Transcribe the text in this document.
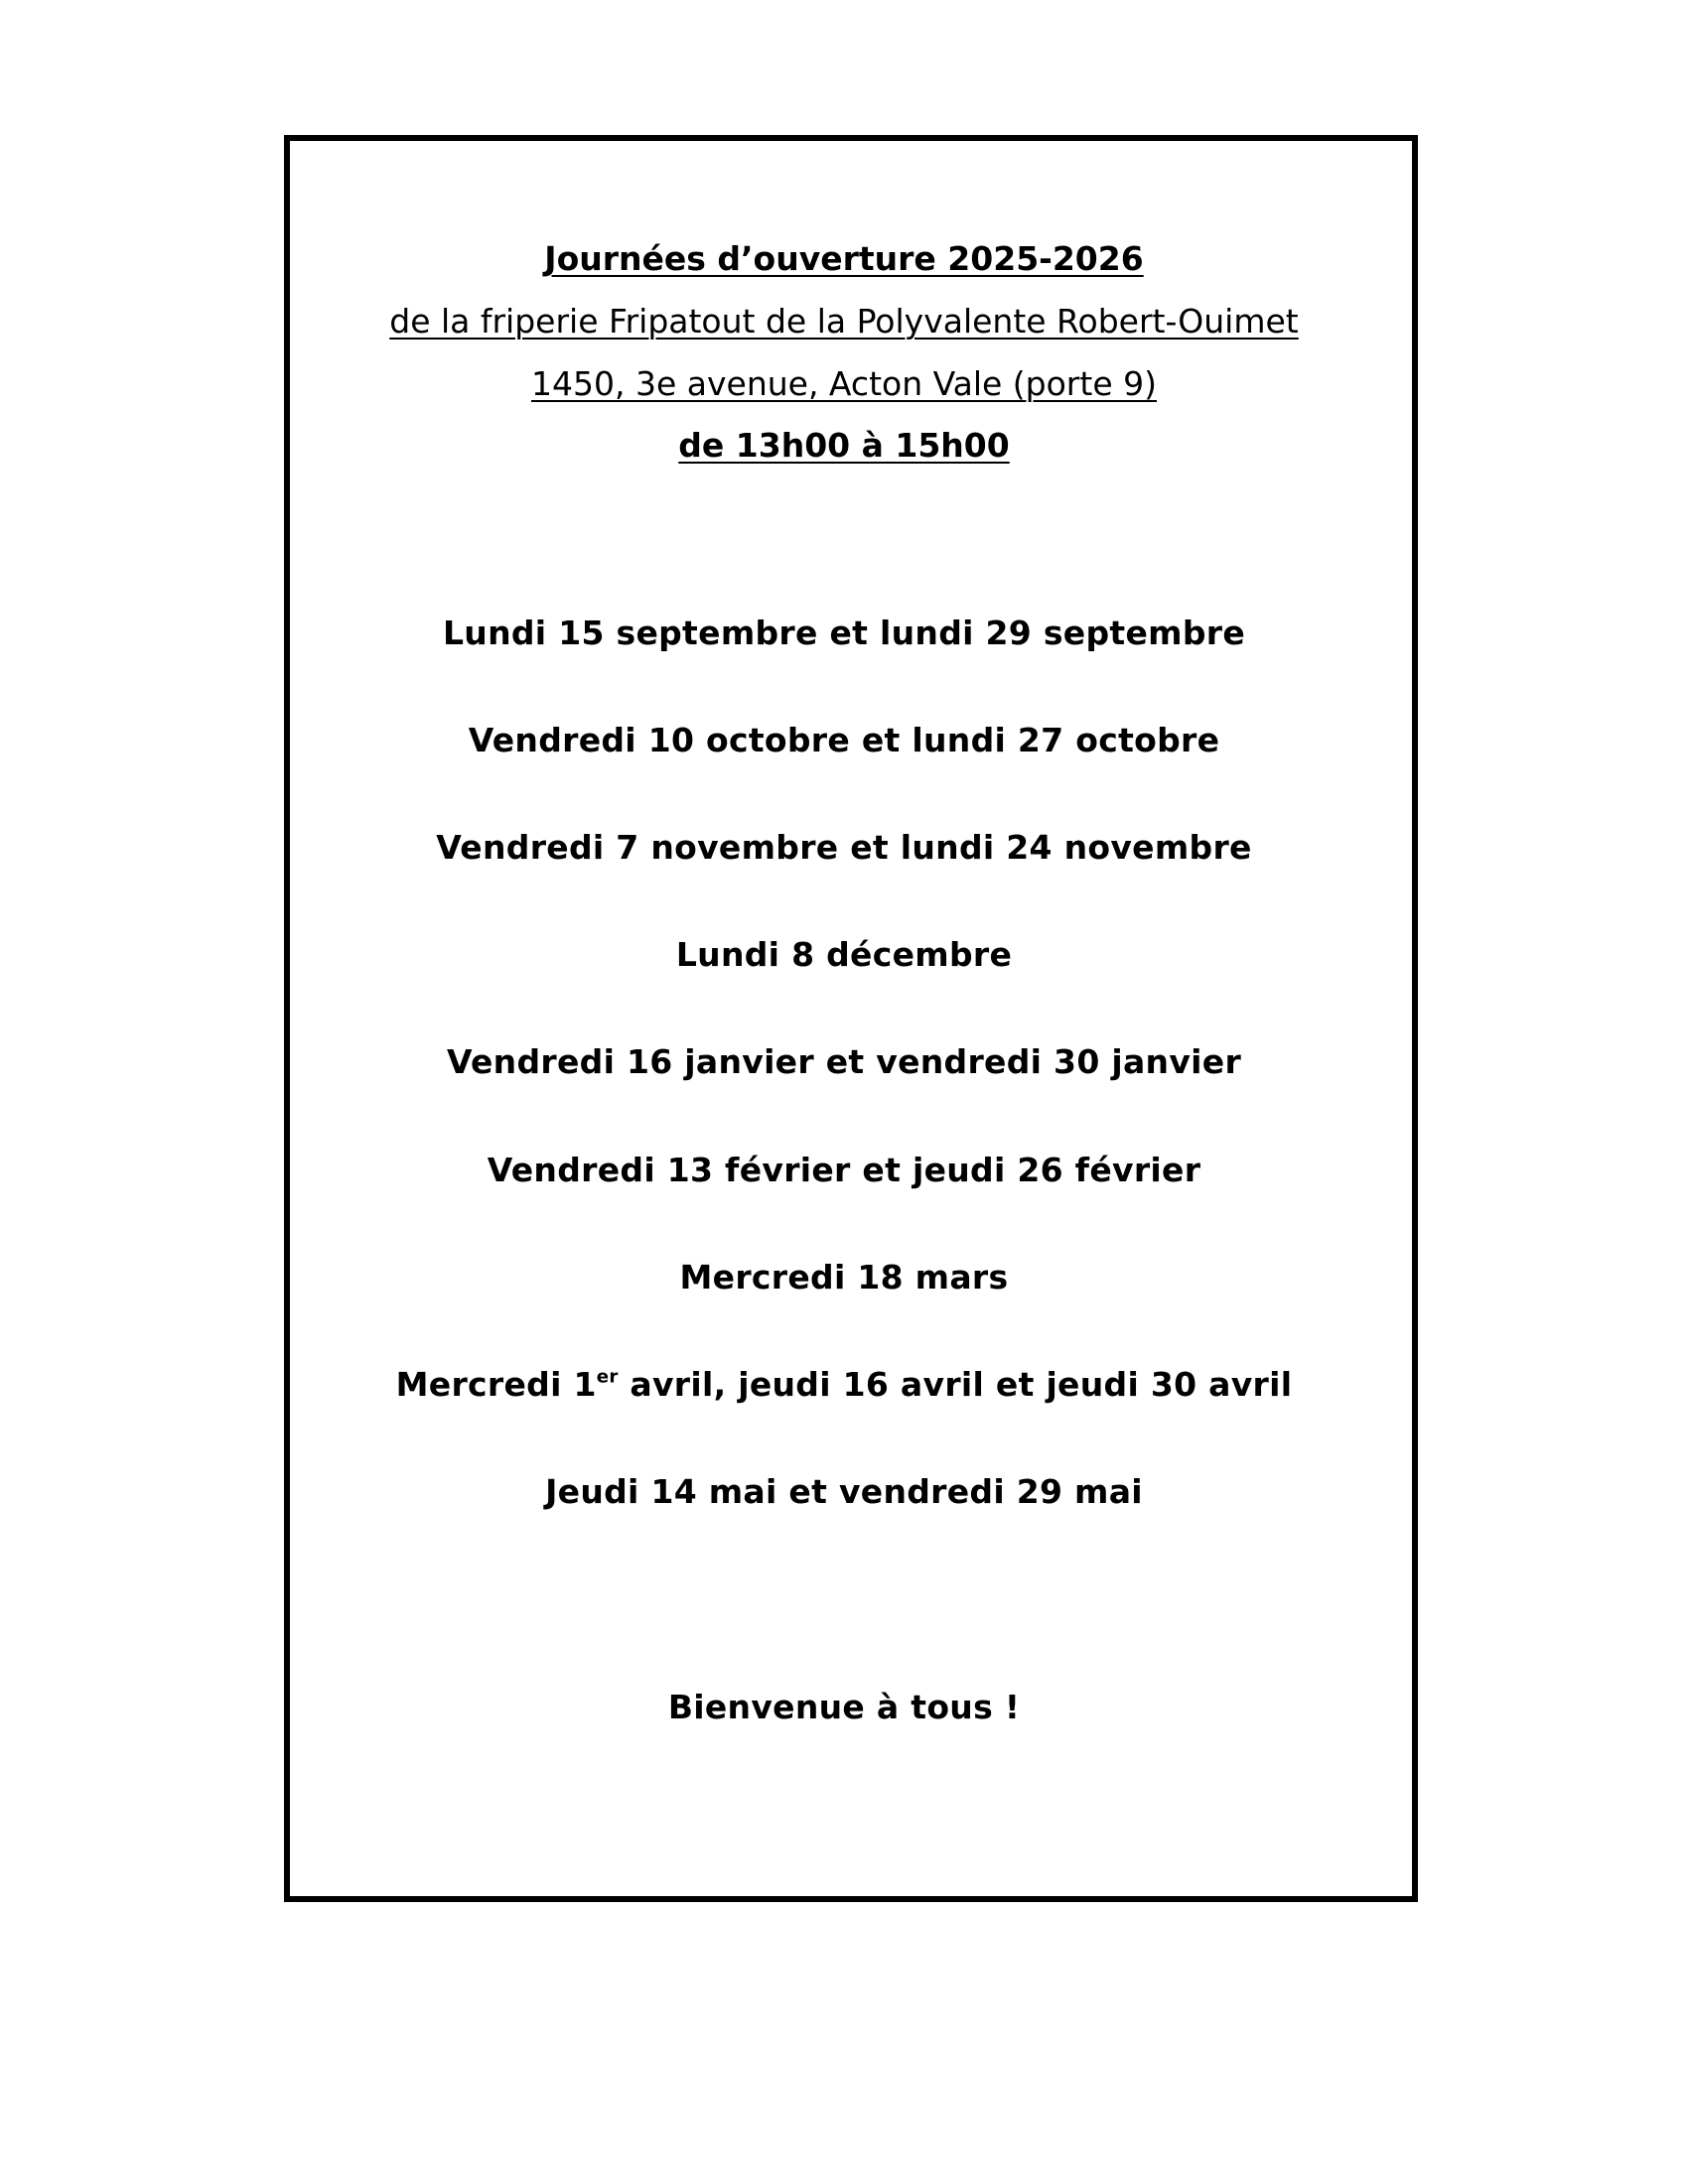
Journées d’ouverture 2025-2026
de la friperie Fripatout de la Polyvalente Robert-Ouimet
1450, 3e avenue, Acton Vale (porte 9)
de 13h00 à 15h00
Lundi 15 septembre et lundi 29 septembre
Vendredi 10 octobre et lundi 27 octobre
Vendredi 7 novembre et lundi 24 novembre
Lundi 8 décembre
Vendredi 16 janvier et vendredi 30 janvier
Vendredi 13 février et jeudi 26 février
Mercredi 18 mars
Mercredi 1er avril, jeudi 16 avril et jeudi 30 avril
Jeudi 14 mai et vendredi 29 mai
Bienvenue à tous !
